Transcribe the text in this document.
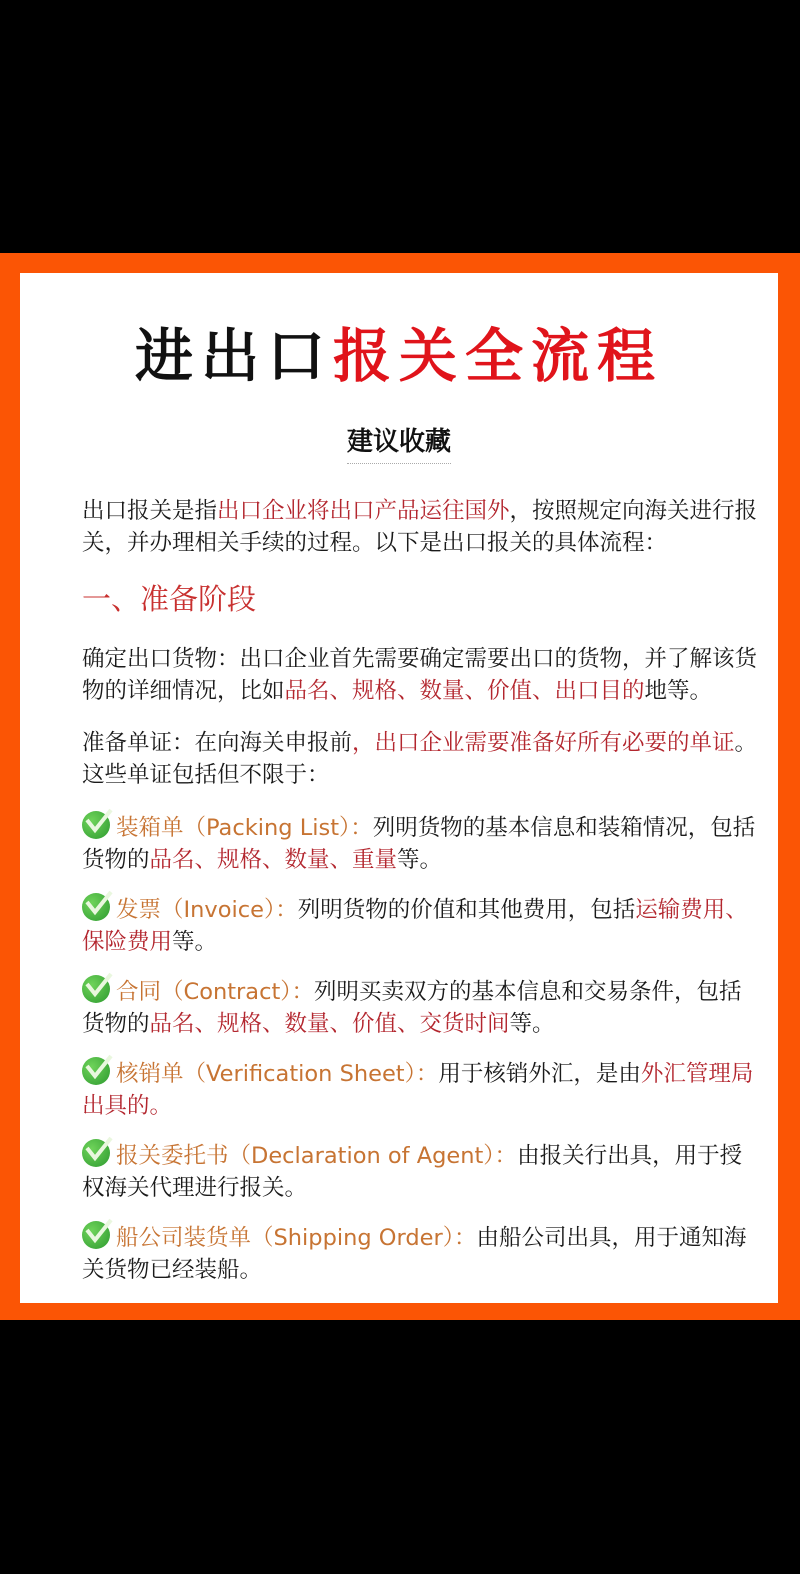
进出口报关全流程
建议收藏

出口报关是指出口企业将出口产品运往国外，按照规定向海关进行报关，并办理相关手续的过程。以下是出口报关的具体流程：

一、准备阶段

确定出口货物：出口企业首先需要确定需要出口的货物，并了解该货物的详细情况，比如品名、规格、数量、价值、出口目的地等。

准备单证：在向海关申报前，出口企业需要准备好所有必要的单证。这些单证包括但不限于：

装箱单（Packing List）：列明货物的基本信息和装箱情况，包括货物的品名、规格、数量、重量等。
发票（Invoice）：列明货物的价值和其他费用，包括运输费用、保险费用等。
合同（Contract）：列明买卖双方的基本信息和交易条件，包括货物的品名、规格、数量、价值、交货时间等。
核销单（Verification Sheet）：用于核销外汇，是由外汇管理局出具的。
报关委托书（Declaration of Agent）：由报关行出具，用于授权海关代理进行报关。
船公司装货单（Shipping Order）：由船公司出具，用于通知海关货物已经装船。
